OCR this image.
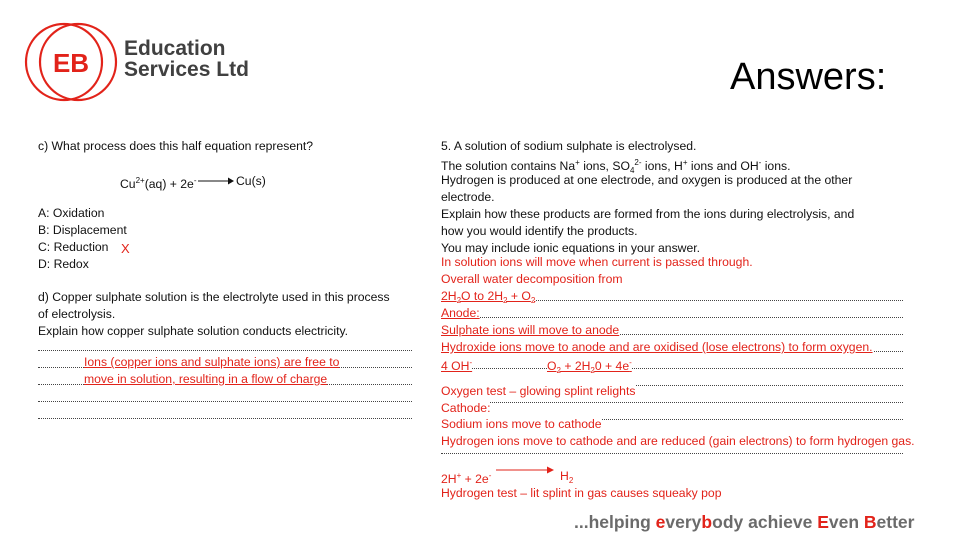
EB Education
Services Ltd	Answers:
c) What process does this half equation represent?
$Cu^{2+}(aq) + 2e^- \to Cu(s)$
A: Oxidation
B: Displacement
C: Reduction X
D: Redox
d) Copper sulphate solution is the electrolyte used in this process
of electrolysis.
Explain how copper sulphate solution conducts electricity.
Ions (copper ions and sulphate ions) are free to
move in solution, resulting in a flow of charge
5. A solution of sodium sulphate is electrolysed.
The solution contains Na+ ions, $SO_4^{2-}$ ions, H+ ions and OH- ions.
Hydrogen is produced at one electrode, and oxygen is produced at the other
electrode.
Explain how these products are formed from the ions during electrolysis, and
how you would identify the products.
You may include ionic equations in your answer.
In solution ions will move when current is passed through.
Overall water decomposition from
$2H_2O$ to $2H_2 + O_2$
Anode:
Sulphate ions will move to anode
Hydroxide ions move to anode and are oxidised (lose electrons) to form oxygen.
4 OH-	$O_2 + 2H_20 + 4e^-$
Oxygen test – glowing splint relights
Cathode:
Sodium ions move to cathode
Hydrogen ions move to cathode and are reduced (gain electrons) to form hydrogen gas.
$2H^+ + 2e^- \to H_2$
Hydrogen test – lit splint in gas causes squeaky pop
...helping everybody achieve Even Better
